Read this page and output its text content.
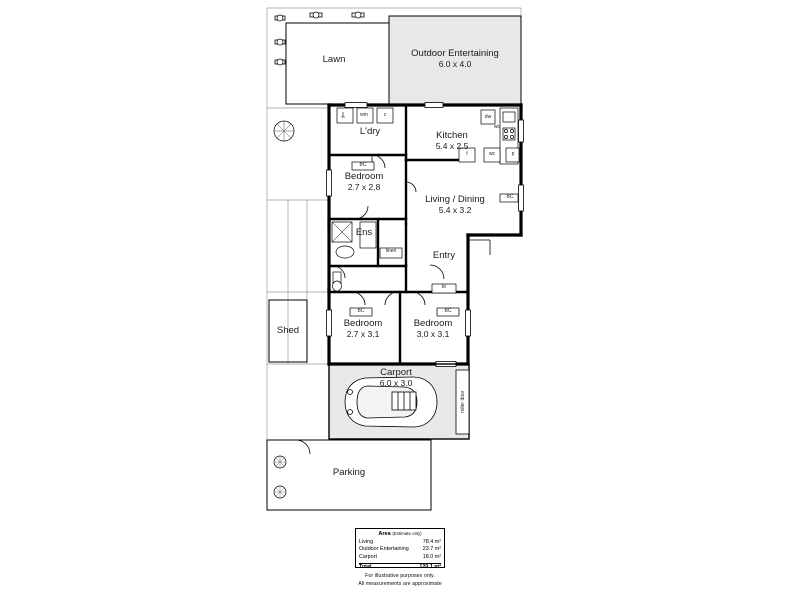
Lawn
Outdoor Entertaining
6.0 x 4.0
L'dry	Kitchen
5.4 x 2.5
Bedroom
2.7 x 2.8
Living / Dining
5.4 x 3.2
Ens
Entry
Shed
Bedroom
2.7 x 3.1
Bedroom
3.0 x 3.1
Carport
6.0 x 3.0
Parking
wm	c	dw
wc
f	wc	p
BC
linen
br
BC	BC
BC
roller door
Area (Estimate only)
Living	78.4 m²
Outdoor Entertaining	23.7 m²
Carport	18.0 m²
Total	120.1 m²
For illustrative purposes only.
All measurements are approximate
